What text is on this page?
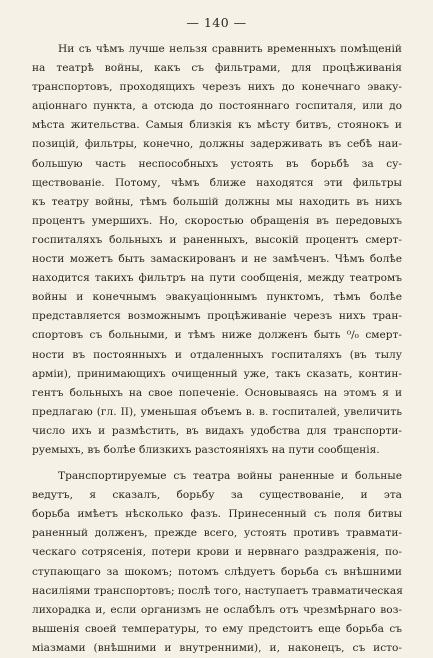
— 140 —
Ни съ чѣмъ лучше нельзя сравнить временныхъ помѣщеній
на театрѣ войны, какъ съ фильтрами, для процѣживанія
транспортовъ, проходящихъ черезъ нихъ до конечнаго эваку-
аціоннаго пункта, а отсюда до постояннаго госпиталя, или до
мѣста жительства. Самыя близкія къ мѣсту битвъ, стоянокъ и
позицій, фильтры, конечно, должны задерживать въ себѣ наи-
большую часть неспособныхъ устоять въ борьбѣ за су-
ществованіе. Потому, чѣмъ ближе находятся эти фильтры
къ театру войны, тѣмъ большій должны мы находить въ нихъ
процентъ умершихъ. Но, скоростью обращенія въ передовыхъ
госпиталяхъ больныхъ и раненныхъ, высокій процентъ смерт-
ности можетъ быть замаскированъ и не замѣченъ. Чѣмъ болѣе
находится такихъ фильтръ на пути сообщенія, между театромъ
войны и конечнымъ эвакуаціоннымъ пунктомъ, тѣмъ болѣе
представляется возможнымъ процѣживаніе черезъ нихъ тран-
спортовъ съ больными, и тѣмъ ниже долженъ быть ⁰/₀ смерт-
ности въ постоянныхъ и отдаленныхъ госпиталяхъ (въ тылу
арміи), принимающихъ очищенный уже, такъ сказать, контин-
гентъ больныхъ на свое попеченіе. Основываясь на этомъ я и
предлагаю (гл. II), уменьшая объемъ в. в. госпиталей, увеличить
число ихъ и размѣстить, въ видахъ удобства для транспорти-
руемыхъ, въ болѣе близкихъ разстояніяхъ на пути сообщенія.
Транспортируемые съ театра войны раненные и больные
ведутъ, я сказалъ, борьбу за существованіе, и эта
борьба имѣетъ нѣсколько фазъ. Принесенный съ поля битвы
раненный долженъ, прежде всего, устоять противъ травмати-
ческаго сотрясенія, потери крови и нервнаго раздраженія, по-
ступающаго за шокомъ; потомъ слѣдуетъ борьба съ внѣшними
насиліями транспортовъ; послѣ того, наступаетъ травматическая
лихорадка и, если организмъ не ослабѣлъ отъ чрезмѣрнаго воз-
вышенія своей температуры, то ему предстоитъ еще борьба съ
міазмами (внѣшними и внутренними), и, наконецъ, съ исто-
